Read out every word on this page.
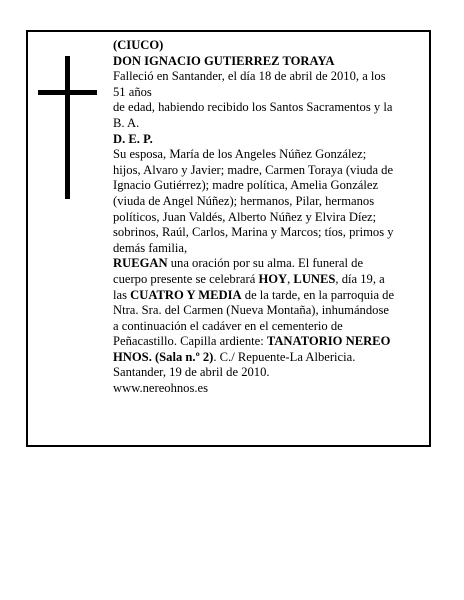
(CIUCO)
DON IGNACIO GUTIERREZ TORAYA
Falleció en Santander, el día 18 de abril de 2010, a los
51 años
de edad, habiendo recibido los Santos Sacramentos y la
B. A.
D. E. P.
Su esposa, María de los Angeles Núñez González;
hijos, Alvaro y Javier; madre, Carmen Toraya (viuda de
Ignacio Gutiérrez); madre política, Amelia González
(viuda de Angel Núñez); hermanos, Pilar, hermanos
políticos, Juan Valdés, Alberto Núñez y Elvira Díez;
sobrinos, Raúl, Carlos, Marina y Marcos; tíos, primos y
demás familia,
RUEGAN una oración por su alma. El funeral de
cuerpo presente se celebrará HOY, LUNES, día 19, a
las CUATRO Y MEDIA de la tarde, en la parroquia de
Ntra. Sra. del Carmen (Nueva Montaña), inhumándose
a continuación el cadáver en el cementerio de
Peñacastillo. Capilla ardiente: TANATORIO NEREO
HNOS. (Sala n.º 2). C./ Repuente-La Albericia.
Santander, 19 de abril de 2010.
www.nereohnos.es
